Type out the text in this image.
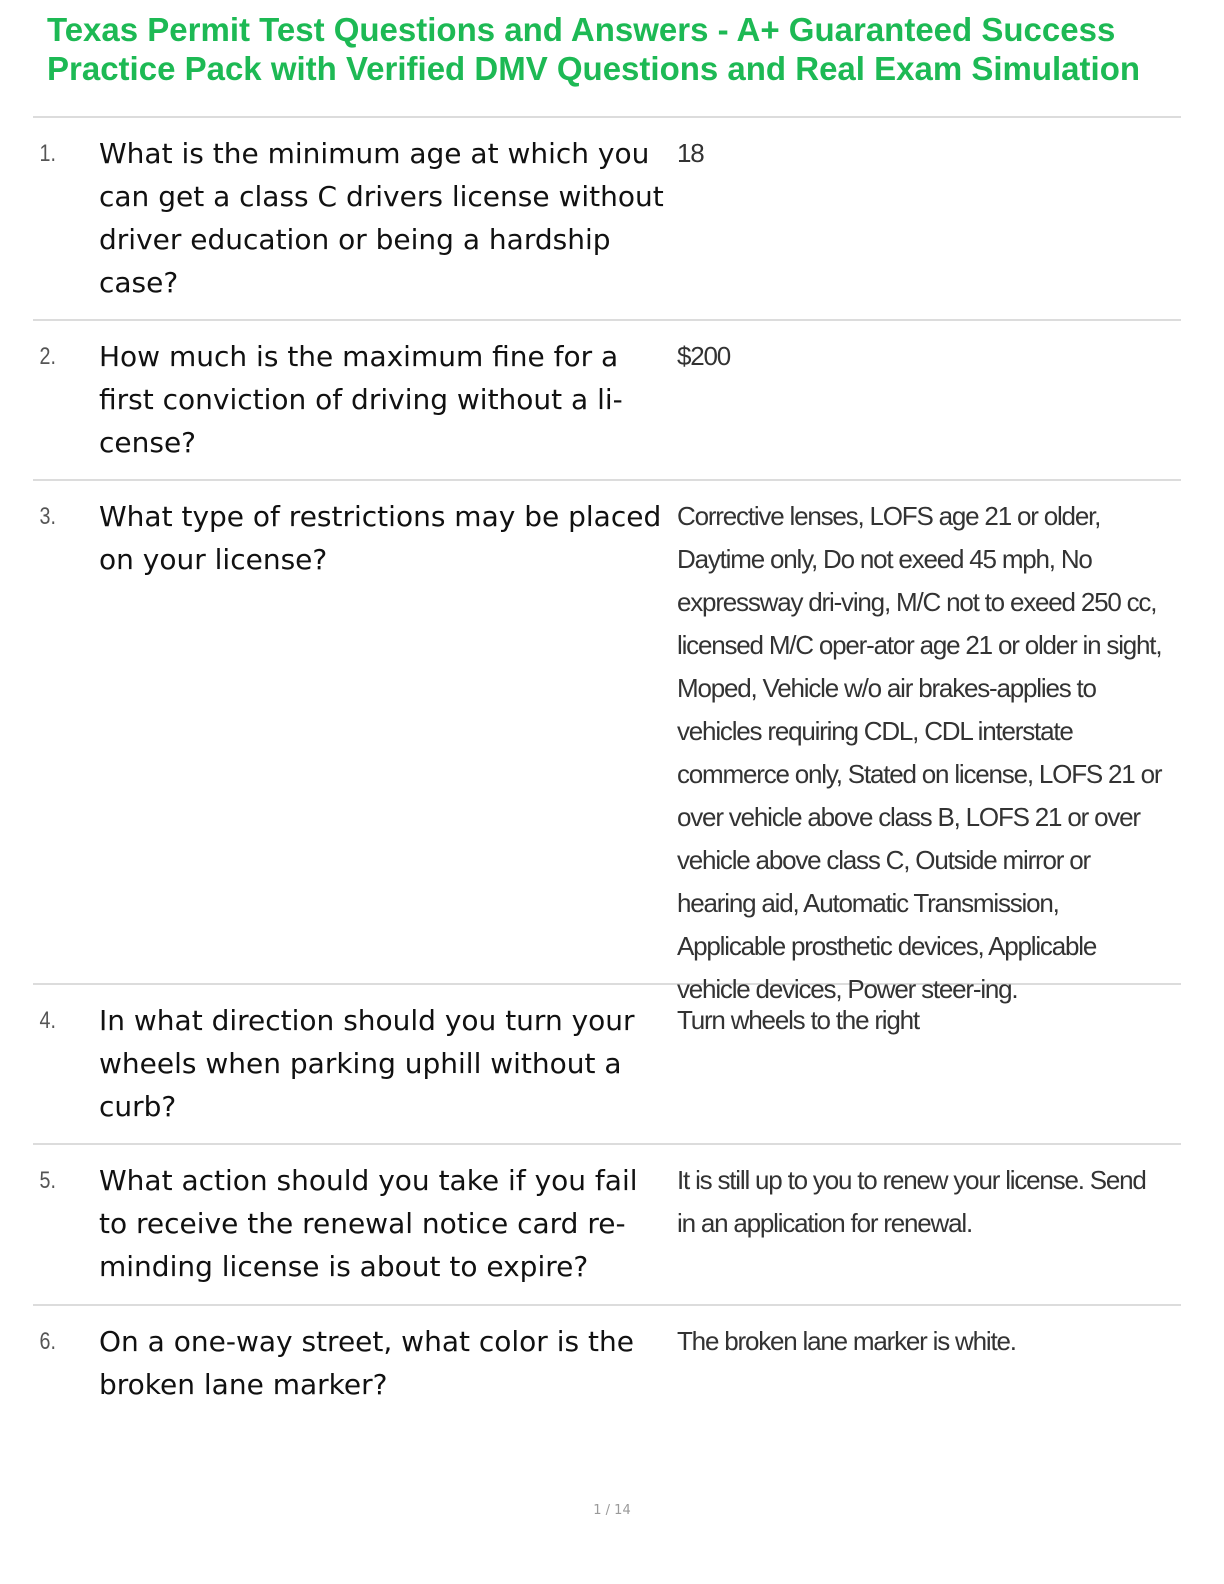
Texas Permit Test Questions and Answers - A+ Guaranteed Success Practice Pack with Verified DMV Questions and Real Exam Simulation
1.	What is the minimum age at which you can get a class C drivers license without driver education or being a hardship case?
18
2.	How much is the maximum fine for a first conviction of driving without a li-cense?
$200
3.	What type of restrictions may be placed on your license?
Corrective lenses, LOFS age 21 or older, Daytime only, Do not exeed 45 mph, No expressway dri-ving, M/C not to exeed 250 cc, licensed M/C oper-ator age 21 or older in sight, Moped, Vehicle w/o air brakes-applies to vehicles requiring CDL, CDL interstate commerce only, Stated on license, LOFS 21 or over vehicle above class B, LOFS 21 or over vehicle above class C, Outside mirror or hearing aid, Automatic Transmission, Applicable prosthetic devices, Applicable vehicle devices, Power steer-ing.
4.	In what direction should you turn your wheels when parking uphill without a curb?
Turn wheels to the right
5.	What action should you take if you fail to receive the renewal notice card re-minding license is about to expire?
It is still up to you to renew your license. Send in an application for renewal.
6.	On a one-way street, what color is the broken lane marker?
The broken lane marker is white.
1 / 14
